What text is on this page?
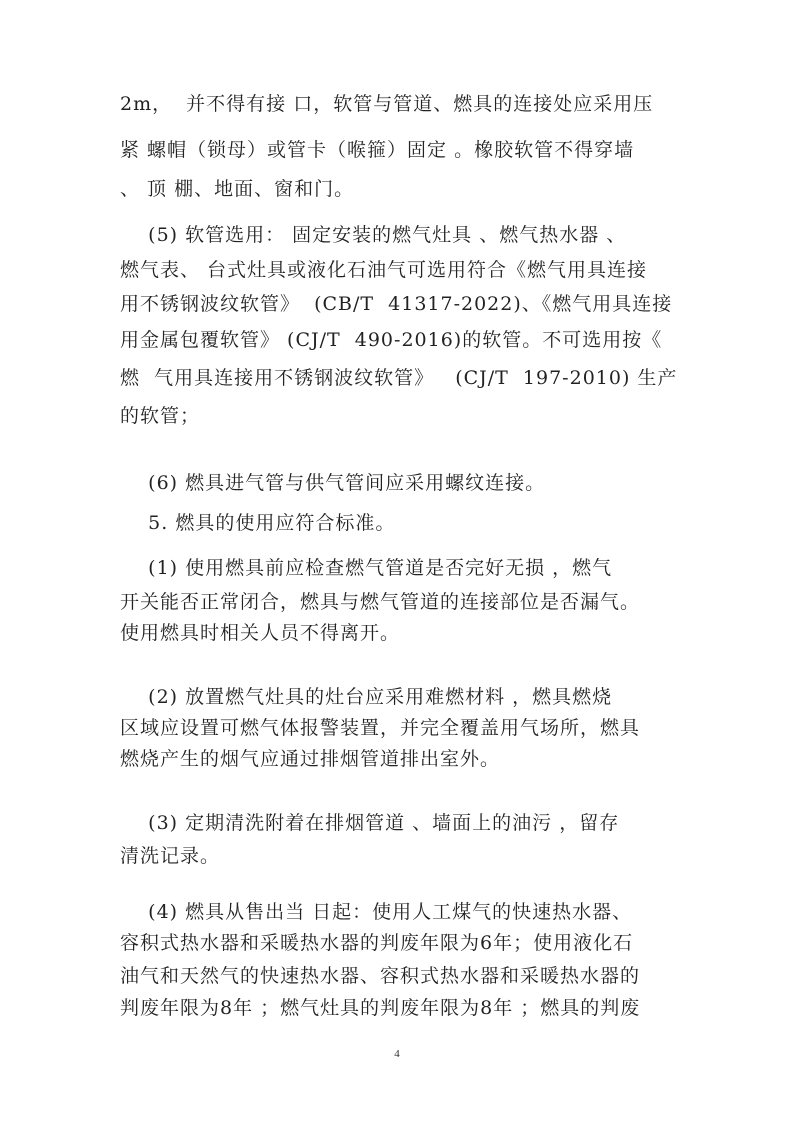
2m，  并不得有接 口，软管与管道、燃具的连接处应采用压
紧 螺帽（锁母）或管卡（喉箍）固定 。橡胶软管不得穿墙
、 顶 棚、地面、窗和门。
(5) 软管选用： 固定安装的燃气灶具 、燃气热水器 、
燃气表、 台式灶具或液化石油气可选用符合《燃气用具连接
用不锈钢波纹软管》  (CB/T  41317-2022)、《燃气用具连接
用金属包覆软管》 (CJ/T  490-2016)的软管。不可选用按《
燃  气用具连接用不锈钢波纹软管》   (CJ/T  197-2010) 生产
的软管；
(6) 燃具进气管与供气管间应采用螺纹连接。
5. 燃具的使用应符合标准。
(1) 使用燃具前应检查燃气管道是否完好无损 ，燃气
开关能否正常闭合，燃具与燃气管道的连接部位是否漏气。
使用燃具时相关人员不得离开。
(2) 放置燃气灶具的灶台应采用难燃材料 ，燃具燃烧
区域应设置可燃气体报警装置，并完全覆盖用气场所，燃具
燃烧产生的烟气应通过排烟管道排出室外。
(3) 定期清洗附着在排烟管道 、墙面上的油污 ，留存
清洗记录。
(4) 燃具从售出当 日起：使用人工煤气的快速热水器、
容积式热水器和采暖热水器的判废年限为6年；使用液化石
油气和天然气的快速热水器、容积式热水器和采暖热水器的
判废年限为8年 ；燃气灶具的判废年限为8年 ；燃具的判废
4
